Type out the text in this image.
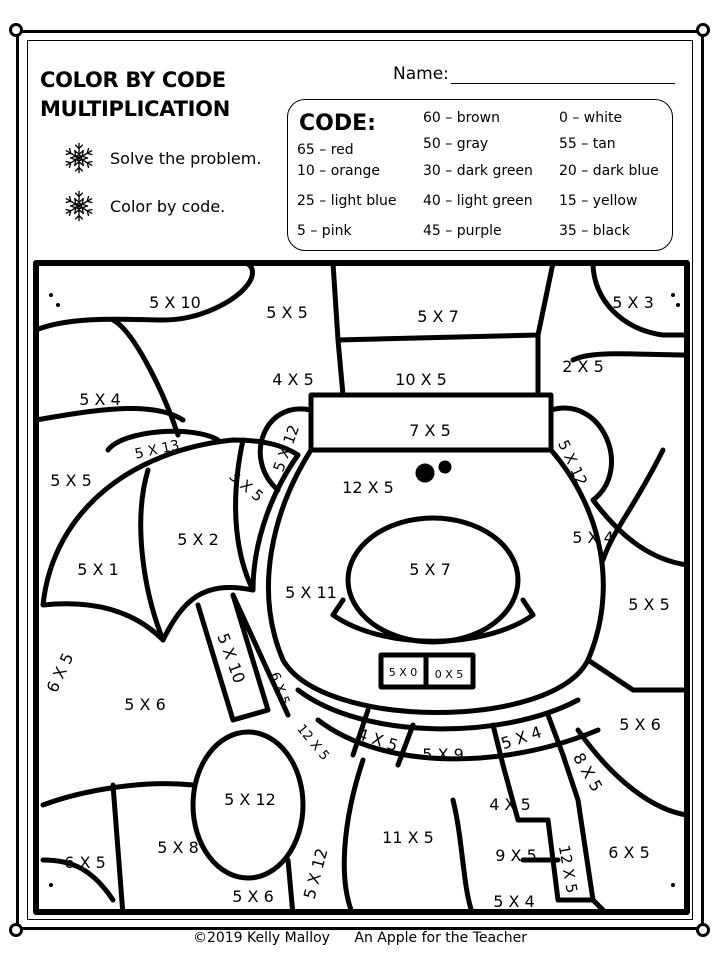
COLOR BY CODE
MULTIPLICATION
Solve the problem.
Color by code.
Name:
CODE:	60 – brown	0 – white
65 – red	50 – gray	55 – tan
10 – orange	30 – dark green 20 – dark blue
25 – light blue 40 – light green 15 – yellow
5 – pink	45 – purple	35 – black
5 X 10
5 X 5	5 X 7
5 X 3
5 X 4
4 X 5	10 X 5
2 X 5
5 X 13	5 X 12	7 X 5
5 X 12
5 X 5	3 X 5	12 X 5
5 X 2	5 X 4
5 X 1
5 X 11
5 X 7
5 X 5
6 X 5	5 X 10
6 X 5	5 X 0 0 X 5
5 X 6
12 X 5 4 X 5 5 X 9
5 X 4	5 X 6
8 X 5
5 X 12	4 X 5
11 X 5
5 X 8	9 X 5	6 X 5
5 X 12	12 X 5
6 X 5
5 X 6	5 X 4
©2019 Kelly Malloy An Apple for the Teacher
